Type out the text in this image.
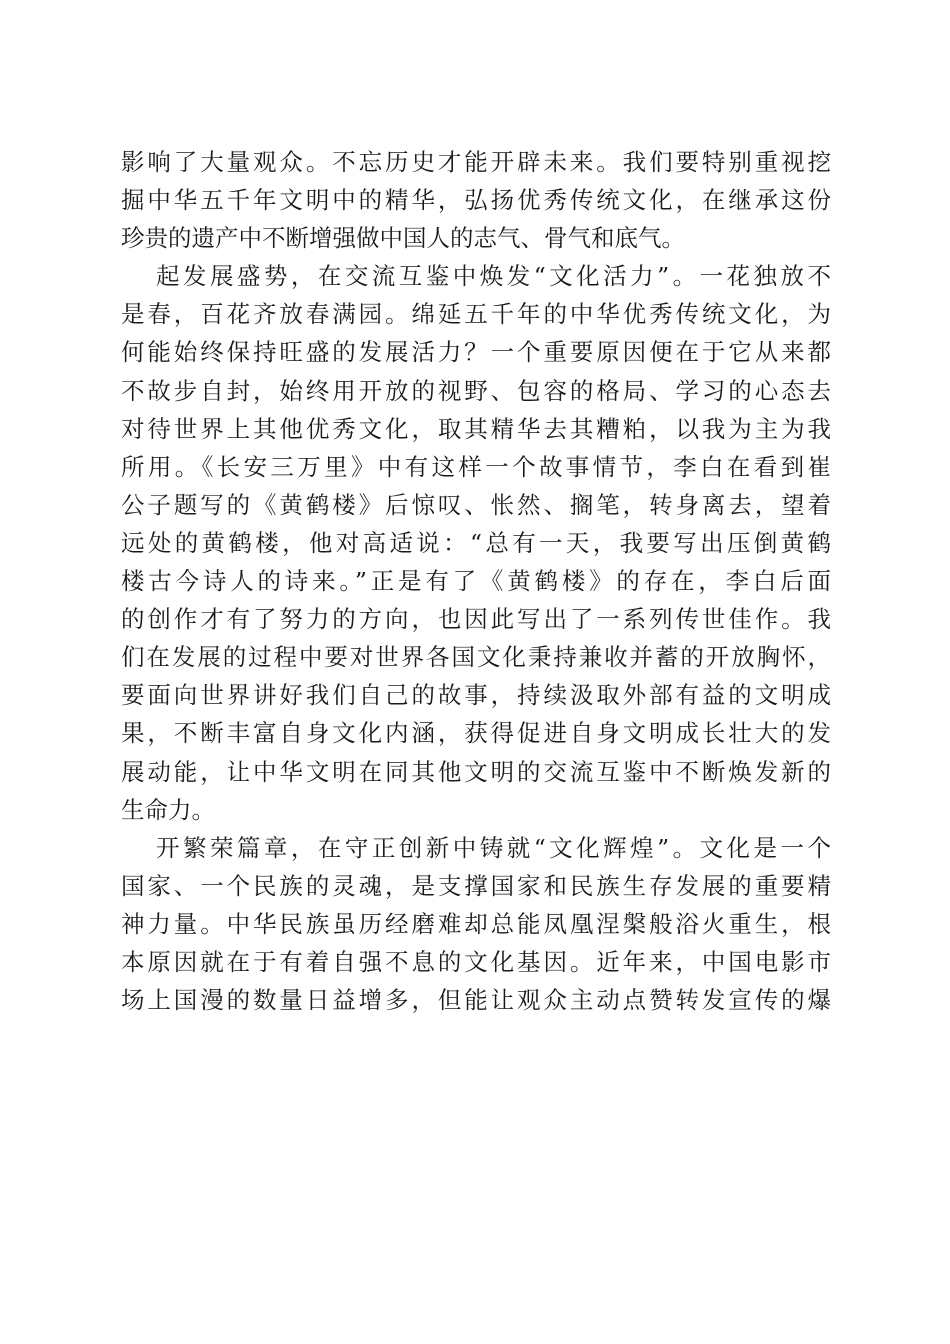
影响了大量观众。不忘历史才能开辟未来。我们要特别重视挖
掘中华五千年文明中的精华，弘扬优秀传统文化，在继承这份
珍贵的遗产中不断增强做中国人的志气、骨气和底气。
起发展盛势，在交流互鉴中焕发“文化活力”。一花独放不
是春，百花齐放春满园。绵延五千年的中华优秀传统文化，为
何能始终保持旺盛的发展活力？一个重要原因便在于它从来都
不故步自封，始终用开放的视野、包容的格局、学习的心态去
对待世界上其他优秀文化，取其精华去其糟粕，以我为主为我
所用。《长安三万里》中有这样一个故事情节，李白在看到崔
公子题写的《黄鹤楼》后惊叹、怅然、搁笔，转身离去，望着
远处的黄鹤楼，他对高适说：“总有一天，我要写出压倒黄鹤
楼古今诗人的诗来。”正是有了《黄鹤楼》的存在，李白后面
的创作才有了努力的方向，也因此写出了一系列传世佳作。我
们在发展的过程中要对世界各国文化秉持兼收并蓄的开放胸怀，
要面向世界讲好我们自己的故事，持续汲取外部有益的文明成
果，不断丰富自身文化内涵，获得促进自身文明成长壮大的发
展动能，让中华文明在同其他文明的交流互鉴中不断焕发新的
生命力。
开繁荣篇章，在守正创新中铸就“文化辉煌”。文化是一个
国家、一个民族的灵魂，是支撑国家和民族生存发展的重要精
神力量。中华民族虽历经磨难却总能凤凰涅槃般浴火重生，根
本原因就在于有着自强不息的文化基因。近年来，中国电影市
场上国漫的数量日益增多，但能让观众主动点赞转发宣传的爆
